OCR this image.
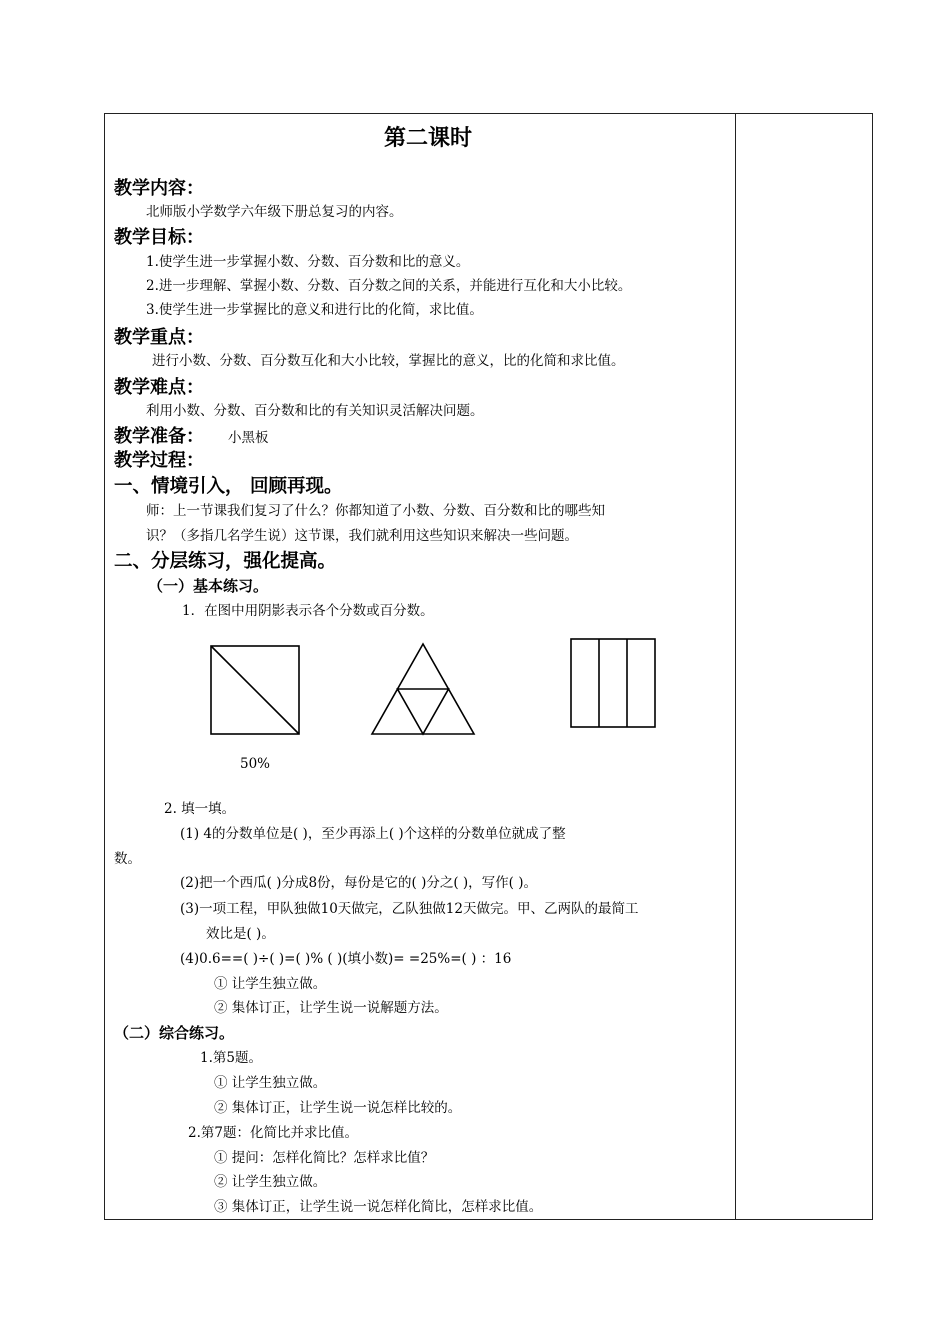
第二课时
教学内容：
北师版小学数学六年级下册总复习的内容。
教学目标：
1.使学生进一步掌握小数、分数、百分数和比的意义。
2.进一步理解、掌握小数、分数、百分数之间的关系，并能进行互化和大小比较。
3.使学生进一步掌握比的意义和进行比的化简，求比值。
教学重点：
进行小数、分数、百分数互化和大小比较，掌握比的意义，比的化简和求比值。
教学难点：
利用小数、分数、百分数和比的有关知识灵活解决问题。
教学准备： 小黑板
教学过程：
一、情境引入， 回顾再现。
师：上一节课我们复习了什么？你都知道了小数、分数、百分数和比的哪些知
识？（多指几名学生说）这节课，我们就利用这些知识来解决一些问题。
二、分层练习，强化提高。
（一）基本练习。
1．在图中用阴影表示各个分数或百分数。
50%
2. 填一填。
(1) 4的分数单位是( )，至少再添上( )个这样的分数单位就成了整
数。
(2)把一个西瓜( )分成8份，每份是它的( )分之( )，写作( )。
(3)一项工程，甲队独做10天做完，乙队独做12天做完。甲、乙两队的最简工
效比是( )。
(4)0.6==( )÷( )=( )% ( )(填小数)= =25%=( ) ：16
① 让学生独立做。
② 集体订正，让学生说一说解题方法。
（二）综合练习。
1.第5题。
① 让学生独立做。
② 集体订正，让学生说一说怎样比较的。
2.第7题：化简比并求比值。
① 提问：怎样化简比？怎样求比值？
② 让学生独立做。
③ 集体订正，让学生说一说怎样化简比，怎样求比值。
